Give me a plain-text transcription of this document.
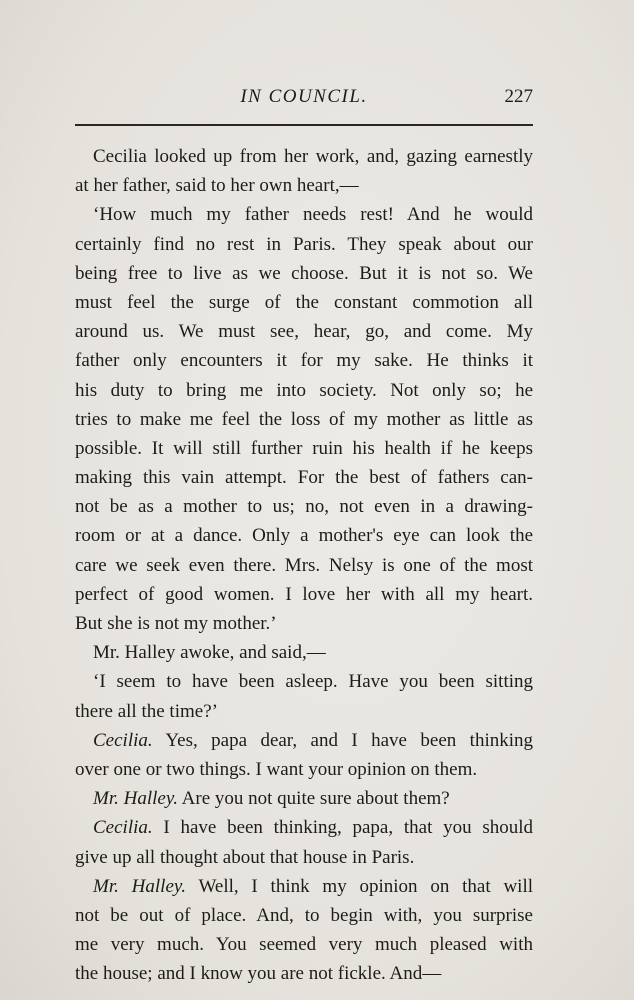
IN COUNCIL.	227
Cecilia looked up from her work, and, gazing earnestly
at her father, said to her own heart,—
‘How much my father needs rest! And he would
certainly find no rest in Paris. They speak about our
being free to live as we choose. But it is not so. We
must feel the surge of the constant commotion all
around us. We must see, hear, go, and come. My
father only encounters it for my sake. He thinks it
his duty to bring me into society. Not only so; he
tries to make me feel the loss of my mother as little as
possible. It will still further ruin his health if he keeps
making this vain attempt. For the best of fathers can-
not be as a mother to us; no, not even in a drawing-
room or at a dance. Only a mother's eye can look the
care we seek even there. Mrs. Nelsy is one of the most
perfect of good women. I love her with all my heart.
But she is not my mother.’
Mr. Halley awoke, and said,—
‘I seem to have been asleep. Have you been sitting
there all the time?’
Cecilia. Yes, papa dear, and I have been thinking
over one or two things. I want your opinion on them.
Mr. Halley. Are you not quite sure about them?
Cecilia. I have been thinking, papa, that you should
give up all thought about that house in Paris.
Mr. Halley. Well, I think my opinion on that will
not be out of place. And, to begin with, you surprise
me very much. You seemed very much pleased with
the house; and I know you are not fickle. And—
